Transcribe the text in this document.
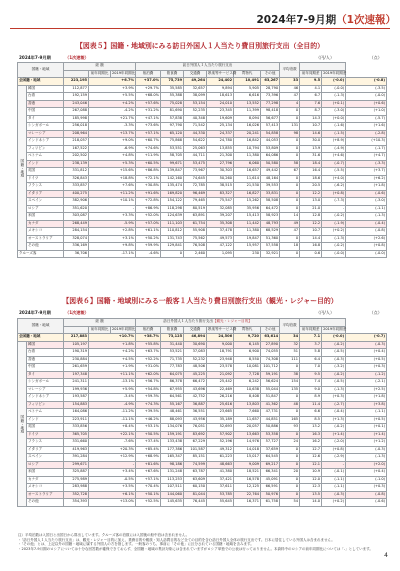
2024年7-9月期（1次速報）
【図表５】国籍・地域別にみる訪日外国人１人当たり費目別旅行支出（全目的）
2024年7-9月期	（1次速報）	（円/人）	（点）
国籍・地域		総 額			訪日外国人１人当たり旅行支出						平均泊数			
					宿泊費	飲食費	交通費	娯楽等サービス費	買物代	その他				
			前年同期比	2019年同期比								前年同期差	2019年同期差	
全国籍・地域		223,195	+6.7%		+37.0%	75,739	49,264	24,402	10,491	63,267	33	9.5	(-0.0)	(-0.8)
国籍・地域	韓国	112,877	+3.9%		+29.7%	35,585	32,657	9,894	5,905	28,790	46	4.1	(-0.0)	(-3.5)
	台湾	192,159	+5.5%		+68.0%	55,388	38,099	18,613	6,616	73,396	47	6.7	(-1.3)	(-0.0)
	香港	243,046	+4.2%		+57.6%	75,028	53,154	24,010	13,552	77,298	4	7.6	(+0.1)	(+0.6)
	中国	267,088	-4.2%		+31.2%	81,690	52,235	23,345	11,399	98,418	0	8.7	(-3.0)	(+1.0)
	タイ	185,998	+21.7%		+47.1%	57,838	40,348	19,609	8,094	56,677	0	14.3	(+0.0)	(-5.7)
	シンガポール	256,018	-3.3%		+73.6%	97,790	71,542	25,134	16,026	57,413	131	10.7	(-1.6)	(+1.6)
	マレーシア	208,964	+13.7%		+57.1%	65,120	44,330	24,337	20,241	54,858	98	14.6	(-1.5)	(-2.8)
	インドネシア	218,057	+9.0%		+60.7%	75,868	54,622	24,780	16,842	44,053	0	30.0	(+8.9)	(+10.3)
	フィリピン	167,522	-6.9%		+74.6%	53,551	25,063	13,855	10,794	53,809	0	13.9	(-4.9)	(-1.7)
	ベトナム	202,502	+4.8%		+11.9%	58,705	44,711	21,300	11,380	64,086	0	31.6	(+4.6)	(+4.7)
	インド	238,139	+5.3%		+60.5%	99,671	53,475	27,796	6,060	50,580	58	18.4	(-0.7)	(-3.3)
	英国	331,812	+15.6%		+86.8%	139,847	73,967	30,303	16,657	49,442	67	16.4	(-5.5)	(+3.7)
	ドイツ	326,843	+18.8%		+72.1%	142,160	74,645	50,260	11,614	48,164	0	18.6	(+4.0)	(+6.2)
	フランス	333,857	+7.6%		+30.8%	135,474	72,785	38,515	21,530	39,553	0	20.5	(-6.2)	(+1.8)
	イタリア	400,275	+11.2%		+91.6%	169,820	96,469	83,327	16,827	33,831	0	12.2	(+0.8)	(-0.6)
	スペイン	382,906	+10.1%		+72.8%	154,122	79,465	75,547	15,262	58,508	0	13.0	(-7.3)	(-3.0)
	ロシア	351,620	-		+86.9%	118,298	80,519	32,085	35,956	64,472	0	21.0	-	(-1.1)
	米国	303,087	+3.3%		+52.0%	124,639	63,891	39,207	15,413	58,923	14	12.8	(-0.2)	(-1.3)
	カナダ	268,449	-5.9%		+57.0%	111,103	61,754	35,308	11,442	48,793	49	12.2	(-1.9)	(-0.4)
	メキシコ	284,154	+2.8%		+61.1%	110,812	55,908	37,478	11,380	68,529	47	10.7	(+0.2)	(-0.8)
	オーストラリア	328,074	+3.1%		+50.2%	131,743	75,562	49,573	19,847	51,360	0	14.4	(-1.3)	(+2.6)
	その他	336,169	+9.8%		+59.9%	129,841	76,508	47,122	15,957	57,558	18	16.8	(-0.2)	(+0.8)
クルーズ客		36,706	-17.1%		-4.6%	0	2,460	1,095	230	32,921	0	0.6	(-0.0)	(-0.0)
【図表６】国籍・地域別にみる一般客１人当たり費目別旅行支出（観光・レジャー目的）
2024年7-9月期	（1次速報）	（円/人）	（点）
国籍・地域		総 額			訪日外国人１人当たり旅行支出【観光・レジャー目的】						平均泊数			
					宿泊費	飲食費	交通費	娯楽等サービス費	買物代	その他				
			前年同期比	2019年同期比								前年同期差	2019年同期差	
全国籍・地域		217,883	+10.7%		+38.7%	73,125	46,894	24,506	9,720	63,614	34	7.1	(-0.0)	(-0.7)
国籍・地域	韓国	105,197	+1.8%		+55.8%	31,440	30,690	9,000	6,145	27,890	32	3.7	(-0.2)	(-0.3)
	台湾	190,319	+4.2%		+63.7%	53,521	37,083	18,791	6,900	74,055	51	5.8	(-0.5)	(+0.4)
	香港	230,884	+4.5%		+52.2%	71,735	52,232	23,948	8,550	74,308	111	6.4	(-0.3)	(+0.5)
	中国	261,659	+1.9%		+31.0%	77,783	48,506	23,578	10,081	101,712	0	7.0	(-3.2)	(+0.3)
	タイ	197,348	+11.1%		+62.0%	64,075	45,225	21,092	7,728	59,191	38	9.5	(-0.2)	(-1.2)
	シンガポール	241,311	-13.1%		+56.7%	86,378	66,472	25,442	6,242	56,624	154	7.4	(-0.5)	(-2.1)
	マレーシア	199,936	+5.9%		+54.8%	67,955	43,696	22,469	10,638	55,044	135	9.0	(-1.3)	(+2.5)
	インドネシア	193,587	-3.4%		+59.3%	64,561	42,752	26,216	8,408	51,847	0	8.9	(+0.3)	(+1.8)
	フィリピン	154,883	-4.9%		+74.3%	55,167	36,887	25,616	13,803	41,362	48	11.4	(-2.7)	(+3.8)
	ベトナム	164,086	-11.2%		+39.5%	48,461	36,551	23,665	7,660	47,731	0	6.6	(-0.4)	(-1.1)
	インド	223,911	-11.1%		+46.2%	88,093	43,956	35,189	11,657	44,851	165	8.5	(+1.3)	(+0.5)
	英国	333,856	+8.4%		+53.1%	134,076	76,051	52,693	20,057	50,886	93	13.2	(-0.2)	(+0.1)
	ドイツ	365,705	+22.1%		+50.5%	159,191	83,692	57,902	13,663	53,358	0	16.3	(+1.4)	(+1.4)
	フランス	331,660	-7.6%		+37.4%	133,438	67,229	52,196	14,976	57,727	24	16.2	(-2.0)	(+1.2)
	イタリア	419,963	+20.3%		+85.4%	177,386	101,587	49,312	14,018	37,659	0	12.7	(+0.8)	(-0.3)
	スペイン	391,284	+12.9%		+68.9%	165,347	85,151	61,223	15,017	64,545	0	12.6	(-2.9)	(-1.3)
	ロシア	299,671	-		+81.6%	98,186	74,599	48,663	9,009	69,217	0	12.1	-	(+2.0)
	米国	325,887	+3.4%		+67.6%	131,248	63,787	41,380	18,521	66,341	20	10.9	(-0.1)	(+0.4)
	カナダ	275,989	-0.5%		+57.1%	113,253	63,609	37,421	16,578	45,091	0	12.0	(-1.1)	(-1.0)
	メキシコ	283,988	+3.5%		+70.4%	107,511	60,150	37,611	12,125	66,591	0	12.3	(-1.1)	(+0.3)
	オーストラリア	352,728	+6.1%		+50.1%	144,060	81,044	53,785	22,764	50,976	0	13.5	(-0.3)	(-0.8)
	その他	354,393	+13.0%		+52.5%	145,635	76,445	55,645	16,371	61,758	54	14.0	(+0.2)	(-0.6)
注）平均泊数は入国日と出国日から算出しています。クルーズ客の泊数には入国後の船中泊は含まれません。
・「訪日外国人１人当たり旅行支出」は、観光・レジャー目的に加え、業務目的や親族・知人訪問目的など全ての目的を含む訪日外国人全体の旅行支出です。日本に居住している外国人は含まれません。
・「その他」とは、上記以外の国籍・地域に属する外国人の方を指します。一般客のうち、事前に「その他」に区分されている国籍・地域を含みます。
・2023年7-9月期のロシアについては十分な回答数が確保できておらず、全国籍・地域の集計対象には含まれていますがロシア単独での公表は行っておりません。本資料中のロシアの前年同期比については「-」としています。
4
